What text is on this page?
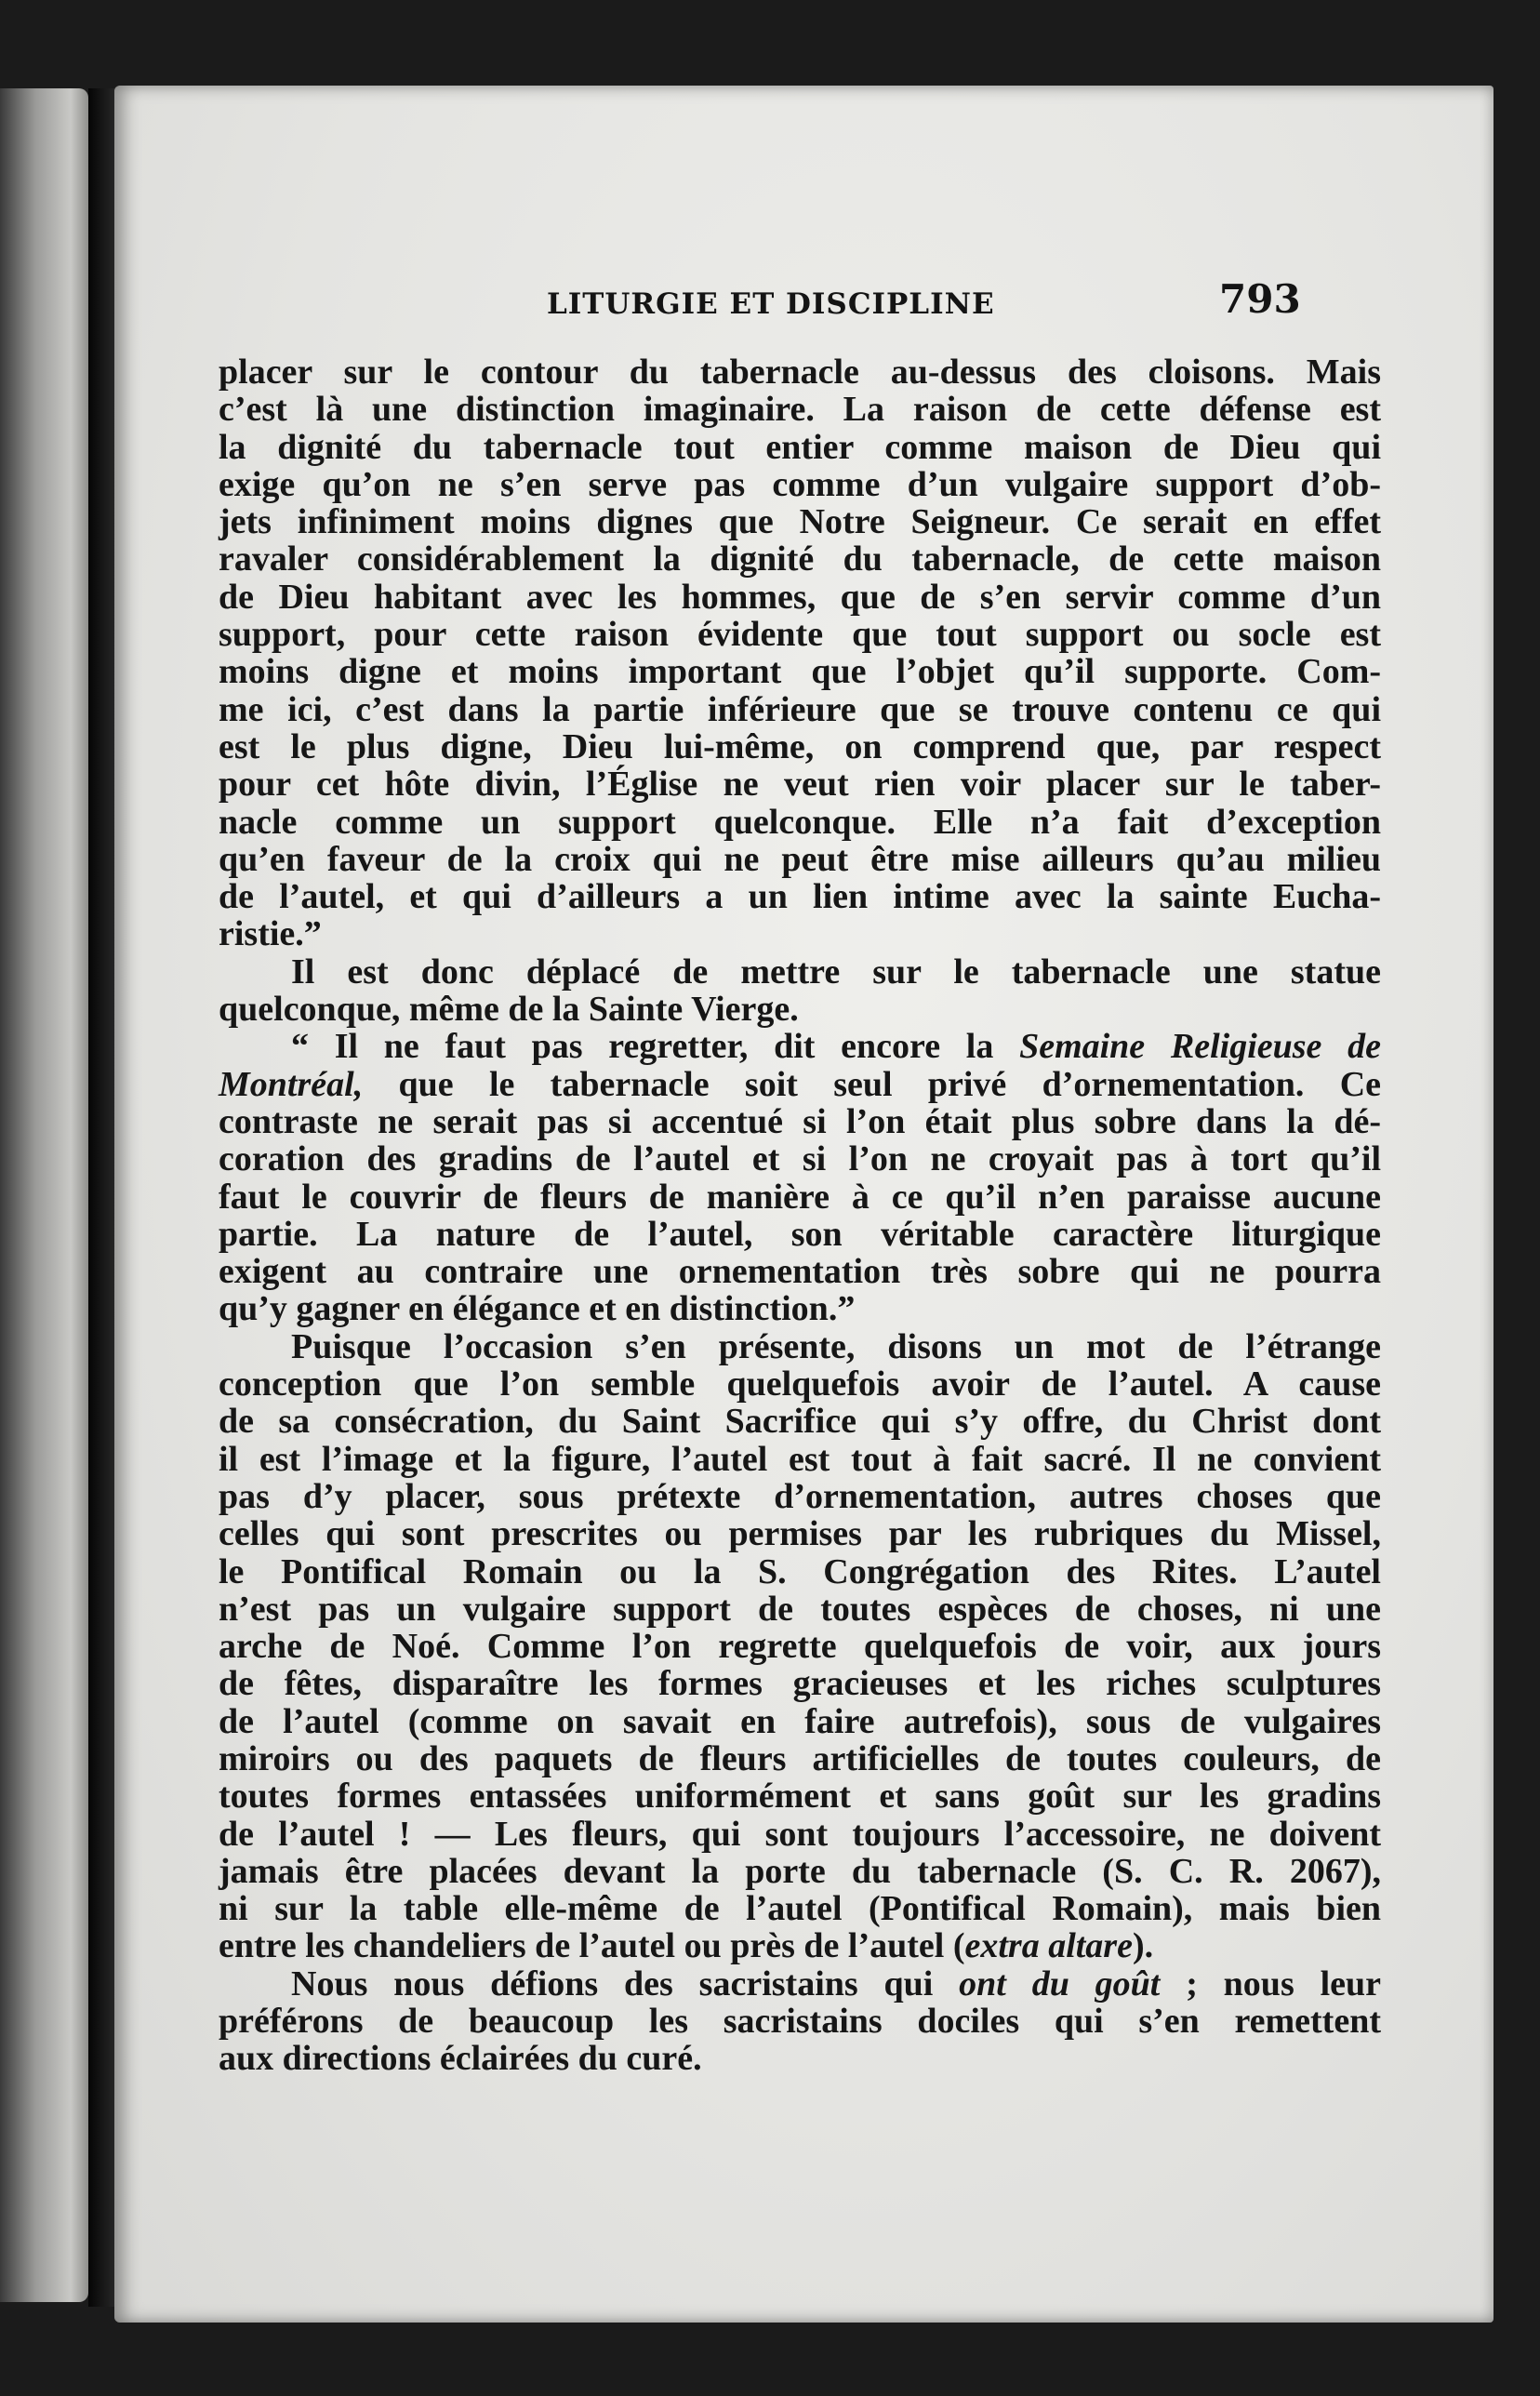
LITURGIE ET DISCIPLINE	793
placer sur le contour du tabernacle au-dessus des cloisons. Mais
c’est là une distinction imaginaire. La raison de cette défense est
la dignité du tabernacle tout entier comme maison de Dieu qui
exige qu’on ne s’en serve pas comme d’un vulgaire support d’ob-
jets infiniment moins dignes que Notre Seigneur. Ce serait en effet
ravaler considérablement la dignité du tabernacle, de cette maison
de Dieu habitant avec les hommes, que de s’en servir comme d’un
support, pour cette raison évidente que tout support ou socle est
moins digne et moins important que l’objet qu’il supporte. Com-
me ici, c’est dans la partie inférieure que se trouve contenu ce qui
est le plus digne, Dieu lui-même, on comprend que, par respect
pour cet hôte divin, l’Église ne veut rien voir placer sur le taber-
nacle comme un support quelconque. Elle n’a fait d’exception
qu’en faveur de la croix qui ne peut être mise ailleurs qu’au milieu
de l’autel, et qui d’ailleurs a un lien intime avec la sainte Eucha-
ristie.”
Il est donc déplacé de mettre sur le tabernacle une statue
quelconque, même de la Sainte Vierge.
“ Il ne faut pas regretter, dit encore la Semaine Religieuse de
Montréal, que le tabernacle soit seul privé d’ornementation. Ce
contraste ne serait pas si accentué si l’on était plus sobre dans la dé-
coration des gradins de l’autel et si l’on ne croyait pas à tort qu’il
faut le couvrir de fleurs de manière à ce qu’il n’en paraisse aucune
partie. La nature de l’autel, son véritable caractère liturgique
exigent au contraire une ornementation très sobre qui ne pourra
qu’y gagner en élégance et en distinction.”
Puisque l’occasion s’en présente, disons un mot de l’étrange
conception que l’on semble quelquefois avoir de l’autel. A cause
de sa consécration, du Saint Sacrifice qui s’y offre, du Christ dont
il est l’image et la figure, l’autel est tout à fait sacré. Il ne convient
pas d’y placer, sous prétexte d’ornementation, autres choses que
celles qui sont prescrites ou permises par les rubriques du Missel,
le Pontifical Romain ou la S. Congrégation des Rites. L’autel
n’est pas un vulgaire support de toutes espèces de choses, ni une
arche de Noé. Comme l’on regrette quelquefois de voir, aux jours
de fêtes, disparaître les formes gracieuses et les riches sculptures
de l’autel (comme on savait en faire autrefois), sous de vulgaires
miroirs ou des paquets de fleurs artificielles de toutes couleurs, de
toutes formes entassées uniformément et sans goût sur les gradins
de l’autel ! — Les fleurs, qui sont toujours l’accessoire, ne doivent
jamais être placées devant la porte du tabernacle (S. C. R. 2067),
ni sur la table elle-même de l’autel (Pontifical Romain), mais bien
entre les chandeliers de l’autel ou près de l’autel (extra altare).
Nous nous défions des sacristains qui ont du goût ; nous leur
préférons de beaucoup les sacristains dociles qui s’en remettent
aux directions éclairées du curé.
